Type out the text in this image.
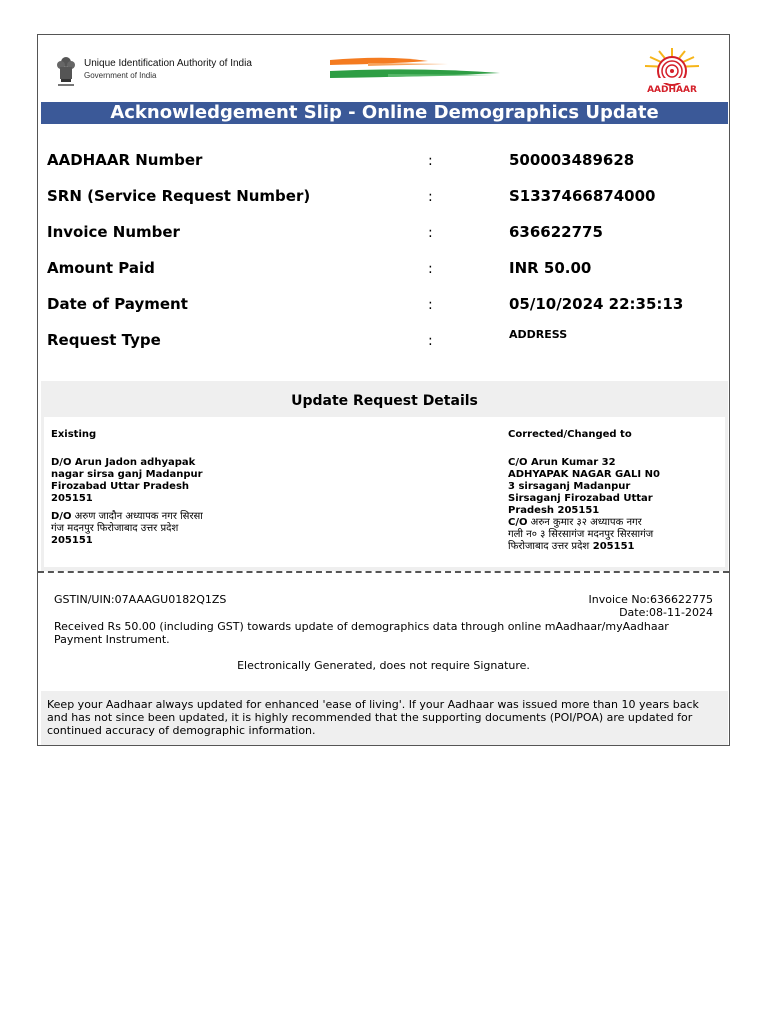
Unique Identification Authority of India
Government of India
AADHAAR
Acknowledgement Slip - Online Demographics Update
AADHAAR Number	:	500003489628
SRN (Service Request Number)	:	S1337466874000
Invoice Number	:	636622775
Amount Paid	:	INR 50.00
Date of Payment	:	05/10/2024 22:35:13
Request Type	:	ADDRESS
Update Request Details
Existing
D/O Arun Jadon adhyapak
nagar sirsa ganj Madanpur
Firozabad Uttar Pradesh
205151
D/O अरुण जादौन अध्यापक नगर सिरसा
गंज मदनपुर फिरोजाबाद उत्तर प्रदेश
205151
Corrected/Changed to
C/O Arun Kumar 32
ADHYAPAK NAGAR GALI N0
3 sirsaganj Madanpur
Sirsaganj Firozabad Uttar
Pradesh 205151
C/O अरुन कुमार ३२ अध्यापक नगर
गली न० ३ सिरसागंज मदनपुर सिरसागंज
फिरोजाबाद उत्तर प्रदेश 205151
GSTIN/UIN:07AAAGU0182Q1ZS	Invoice No:636622775
Date:08-11-2024
Received Rs 50.00 (including GST) towards update of demographics data through online mAadhaar/myAadhaar Payment Instrument.
Electronically Generated, does not require Signature.
Keep your Aadhaar always updated for enhanced 'ease of living'. If your Aadhaar was issued more than 10 years back and has not since been updated, it is highly recommended that the supporting documents (POI/POA) are updated for continued accuracy of demographic information.
